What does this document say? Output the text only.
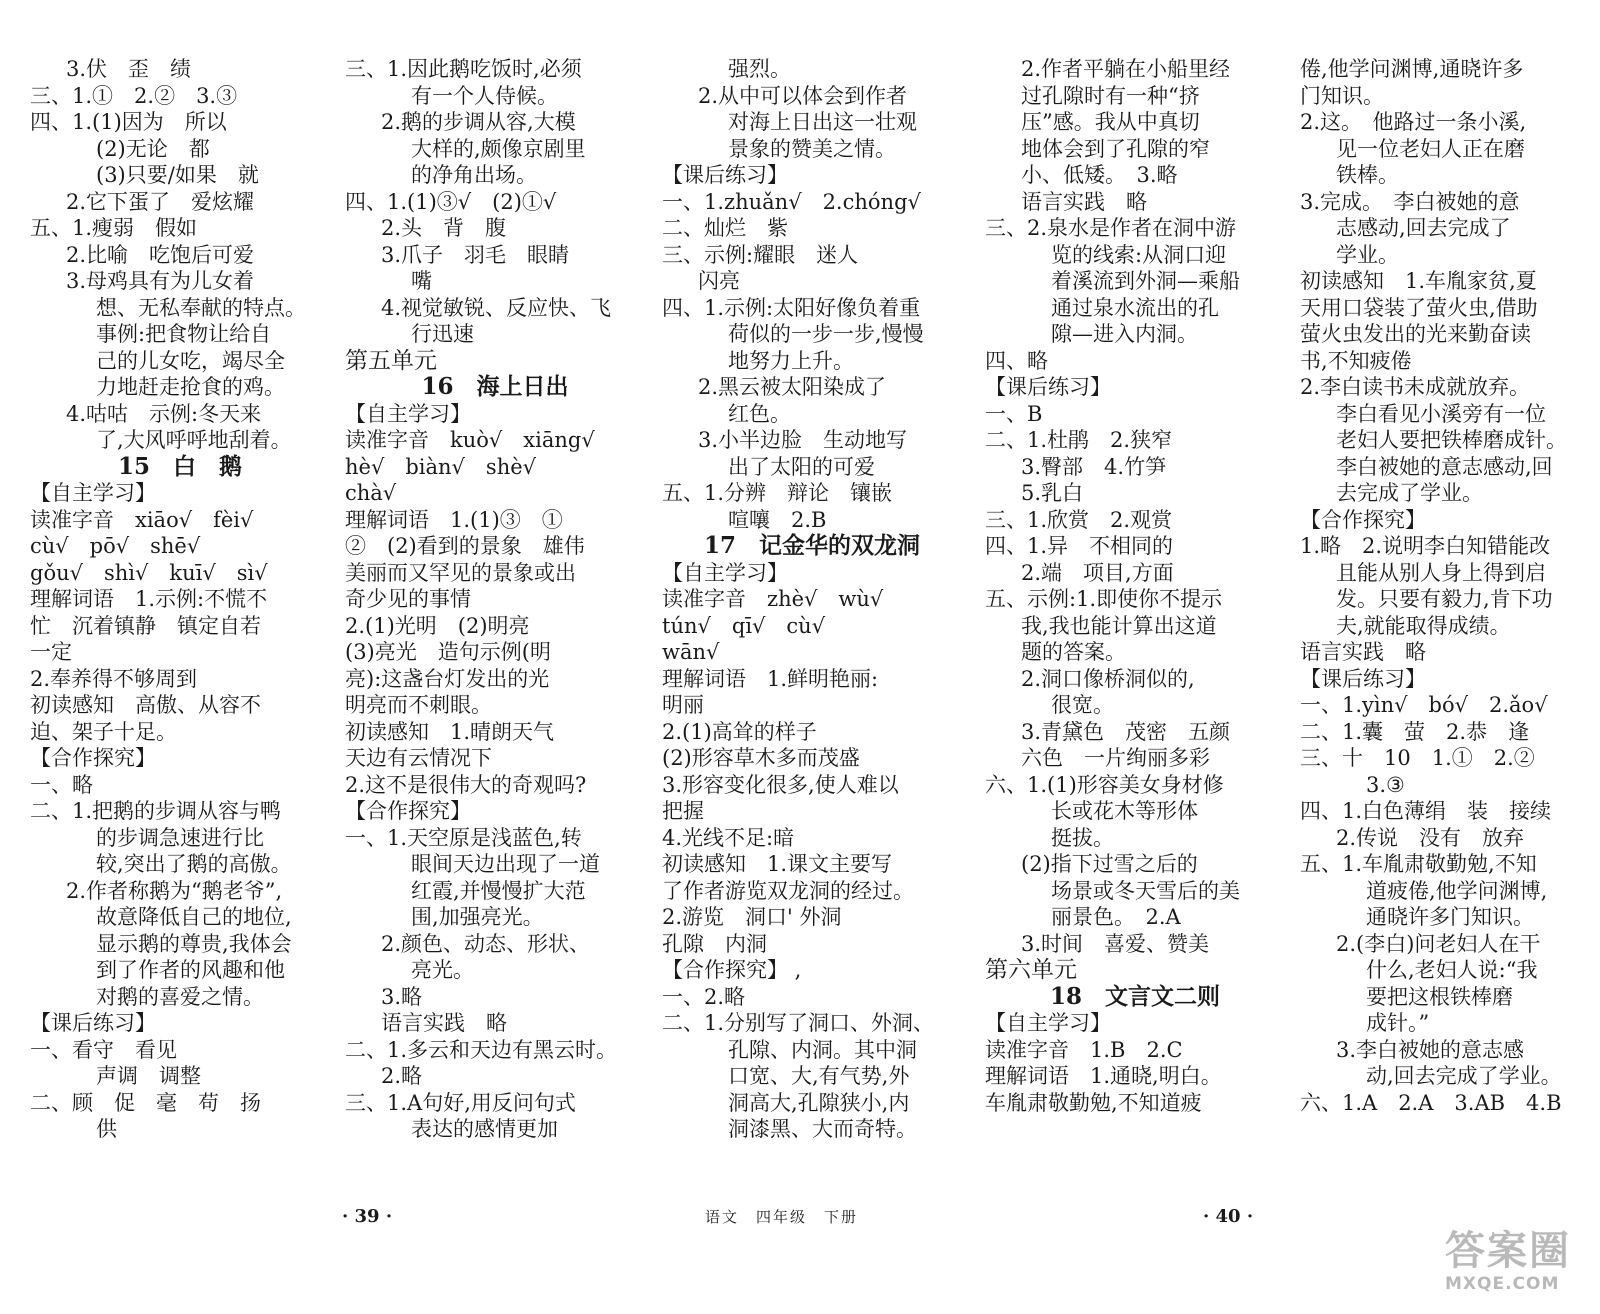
3.伏　歪　绩
三、1.①　2.②　3.③
四、1.(1)因为　所以
(2)无论　都
(3)只要/如果　就
2.它下蛋了　爱炫耀
五、1.瘦弱　假如
2.比喻　吃饱后可爱
3.母鸡具有为儿女着
想、无私奉献的特点。
事例:把食物让给自
己的儿女吃，竭尽全
力地赶走抢食的鸡。
4.咕咕　示例:冬天来
了,大风呼呼地刮着。
15　白　鹅
【自主学习】
读准字音　xiāo√　fèi√
cù√　pō√　shē√
gǒu√　shì√　kuī√　sì√
理解词语　1.示例:不慌不
忙　沉着镇静　镇定自若
一定
2.奉养得不够周到
初读感知　高傲、从容不
迫、架子十足。
【合作探究】
一、略
二、1.把鹅的步调从容与鸭
的步调急速进行比
较,突出了鹅的高傲。
2.作者称鹅为“鹅老爷”,
故意降低自己的地位,
显示鹅的尊贵,我体会
到了作者的风趣和他
对鹅的喜爱之情。
【课后练习】
一、看守　看见
声调　调整
二、顾　促　毫　苟　扬
供
三、1.因此鹅吃饭时,必须
有一个人侍候。
2.鹅的步调从容,大模
大样的,颇像京剧里
的净角出场。
四、1.(1)③√　(2)①√
2.头　背　腹
3.爪子　羽毛　眼睛
嘴
4.视觉敏锐、反应快、飞
行迅速
第五单元
16　海上日出
【自主学习】
读准字音　kuò√　xiāng√
hè√　biàn√　shè√
chà√
理解词语　1.(1)③　①
②　(2)看到的景象　雄伟
美丽而又罕见的景象或出
奇少见的事情
2.(1)光明　(2)明亮
(3)亮光　造句示例(明
亮):这盏台灯发出的光
明亮而不刺眼。
初读感知　1.晴朗天气
天边有云情况下
2.这不是很伟大的奇观吗?
【合作探究】
一、1.天空原是浅蓝色,转
眼间天边出现了一道
红霞,并慢慢扩大范
围,加强亮光。
2.颜色、动态、形状、
亮光。
3.略
语言实践　略
二、1.多云和天边有黑云时。
2.略
三、1.A句好,用反问句式
表达的感情更加
强烈。
2.从中可以体会到作者
对海上日出这一壮观
景象的赞美之情。
【课后练习】
一、1.zhuǎn√　2.chóng√
二、灿烂　紫
三、示例:耀眼　迷人
闪亮
四、1.示例:太阳好像负着重
荷似的一步一步,慢慢
地努力上升。
2.黑云被太阳染成了
红色。
3.小半边脸　生动地写
出了太阳的可爱
五、1.分辨　辩论　镶嵌
喧嚷　2.B
17　记金华的双龙洞
【自主学习】
读准字音　zhè√　wù√
tún√　qī√　cù√
wān√
理解词语　1.鲜明艳丽:
明丽
2.(1)高耸的样子
(2)形容草木多而茂盛
3.形容变化很多,使人难以
把握
4.光线不足:暗
初读感知　1.课文主要写
了作者游览双龙洞的经过。
2.游览　洞口' 外洞
孔隙　内洞
【合作探究】 ,
一、2.略
二、1.分别写了洞口、外洞、
孔隙、内洞。其中洞
口宽、大,有气势,外
洞高大,孔隙狭小,内
洞漆黑、大而奇特。
2.作者平躺在小船里经
过孔隙时有一种“挤
压”感。我从中真切
地体会到了孔隙的窄
小、低矮。　3.略
语言实践　略
三、2.泉水是作者在洞中游
览的线索:从洞口迎
着溪流到外洞—乘船
通过泉水流出的孔
隙—进入内洞。
四、略
【课后练习】
一、B
二、1.杜鹃　2.狭窄
3.臀部　4.竹笋
5.乳白
三、1.欣赏　2.观赏
四、1.异　不相同的
2.端　项目,方面
五、示例:1.即使你不提示
我,我也能计算出这道
题的答案。
2.洞口像桥洞似的,
很宽。
3.青黛色　茂密　五颜
六色　一片绚丽多彩
六、1.(1)形容美女身材修
长或花木等形体
挺拔。
(2)指下过雪之后的
场景或冬天雪后的美
丽景色。　2.A
3.时间　喜爱、赞美
第六单元
18　文言文二则
【自主学习】
读准字音　1.B　2.C
理解词语　1.通晓,明白。
车胤肃敬勤勉,不知道疲
倦,他学问渊博,通晓许多
门知识。
2.这。　他路过一条小溪,
见一位老妇人正在磨
铁棒。
3.完成。　李白被她的意
志感动,回去完成了
学业。
初读感知　1.车胤家贫,夏
天用口袋装了萤火虫,借助
萤火虫发出的光来勤奋读
书,不知疲倦
2.李白读书未成就放弃。
李白看见小溪旁有一位
老妇人要把铁棒磨成针。
李白被她的意志感动,回
去完成了学业。
【合作探究】
1.略　2.说明李白知错能改
且能从别人身上得到启
发。只要有毅力,肯下功
夫,就能取得成绩。
语言实践　略
【课后练习】
一、1.yìn√　bó√　2.ǎo√
二、1.囊　萤　2.恭　逢
三、十　10　1.①　2.②
3.③
四、1.白色薄绢　装　接续
2.传说　没有　放弃
五、1.车胤肃敬勤勉,不知
道疲倦,他学问渊博,
通晓许多门知识。
2.(李白)问老妇人在干
什么,老妇人说:“我
要把这根铁棒磨
成针。”
3.李白被她的意志感
动,回去完成了学业。
六、1.A　2.A　3.AB　4.B
· 39 ·	语文　四年级　下册	· 40 ·
答案圈
MXQE.COM
